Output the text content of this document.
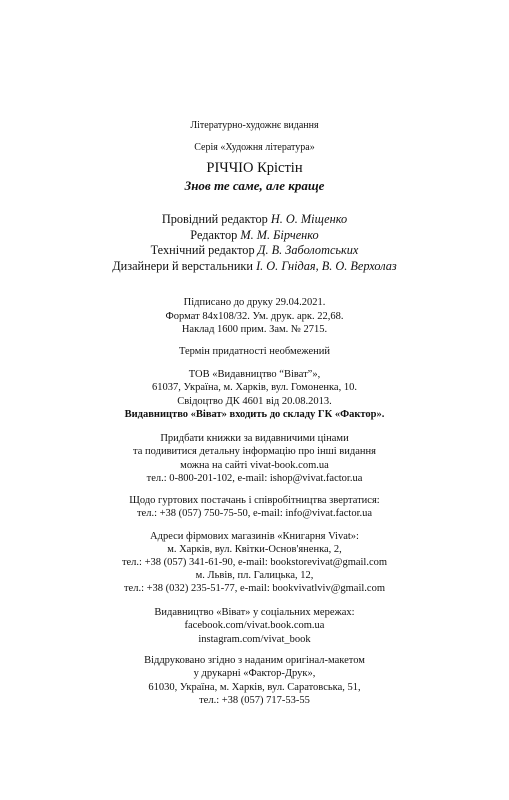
Літературно-художнє видання
Серія «Художня література»
РІЧЧІО Крістін
Знов те саме, але краще
Провідний редактор Н. О. Міщенко
Редактор М. М. Бірченко
Технічний редактор Д. В. Заболотських
Дизайнери й верстальники І. О. Гнідая, В. О. Верхолаз
Підписано до друку 29.04.2021.
Формат 84х108/32. Ум. друк. арк. 22,68.
Наклад 1600 прим. Зам. № 2715.
Термін придатності необмежений
ТОВ «Видавництво “Віват”»,
61037, Україна, м. Харків, вул. Гомоненка, 10.
Свідоцтво ДК 4601 від 20.08.2013.
Видавництво «Віват» входить до складу ГК «Фактор».
Придбати книжки за видавничими цінами
та подивитися детальну інформацію про інші видання
можна на сайті vivat-book.com.ua
тел.: 0-800-201-102, e-mail: ishop@vivat.factor.ua
Щодо гуртових постачань і співробітництва звертатися:
тел.: +38 (057) 750-75-50, e-mail: info@vivat.factor.ua
Адреси фірмових магазинів «Книгарня Vivat»:
м. Харків, вул. Квітки-Основ'яненка, 2,
тел.: +38 (057) 341-61-90, e-mail: bookstorevivat@gmail.com
м. Львів, пл. Галицька, 12,
тел.: +38 (032) 235-51-77, e-mail: bookvivatlviv@gmail.com
Видавництво «Віват» у соціальних мережах:
facebook.com/vivat.book.com.ua
instagram.com/vivat_book
Віддруковано згідно з наданим оригінал-макетом
у друкарні «Фактор-Друк»,
61030, Україна, м. Харків, вул. Саратовська, 51,
тел.: +38 (057) 717-53-55
